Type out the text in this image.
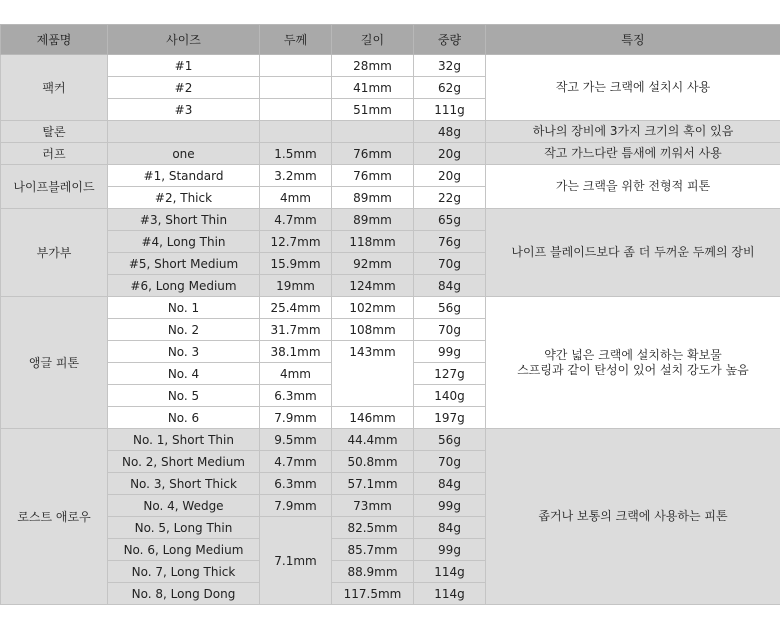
제품명	사이즈	두께	길이	중량	특징
팩커	#1		28mm	32g	작고 가는 크랙에 설치시 사용
	#2		41mm	62g	
	#3		51mm	111g	
탈론				48g	하나의 장비에 3가지 크기의 혹이 있음
러프	one	1.5mm	76mm	20g	작고 가느다란 틈새에 끼워서 사용
나이프블레이드	#1, Standard	3.2mm	76mm	20g	가는 크랙을 위한 전형적 피톤
	#2, Thick	4mm	89mm	22g	
부가부	#3, Short Thin	4.7mm	89mm	65g	나이프 블레이드보다 좀 더 두꺼운 두께의 장비
	#4, Long Thin	12.7mm	118mm	76g	
	#5, Short Medium	15.9mm	92mm	70g	
	#6, Long Medium	19mm	124mm	84g	
앵글 피톤	No. 1	25.4mm	102mm	56g	약간 넓은 크랙에 설치하는 확보물
스프링과 같이 탄성이 있어 설치 강도가 높음

	No. 2	31.7mm	108mm	70g	
	No. 3	38.1mm	143mm	99g	
	No. 4	4mm		127g	
	No. 5	6.3mm		140g	
	No. 6	7.9mm	146mm	197g	
로스트 애로우	No. 1, Short Thin	9.5mm	44.4mm	56g	좁거나 보통의 크랙에 사용하는 피톤
	No. 2, Short Medium	4.7mm	50.8mm	70g	
	No. 3, Short Thick	6.3mm	57.1mm	84g	
	No. 4, Wedge	7.9mm	73mm	99g	
	No. 5, Long Thin	7.1mm	82.5mm	84g	
	No. 6, Long Medium		85.7mm	99g	
	No. 7, Long Thick		88.9mm	114g	
	No. 8, Long Dong		117.5mm	114g	
